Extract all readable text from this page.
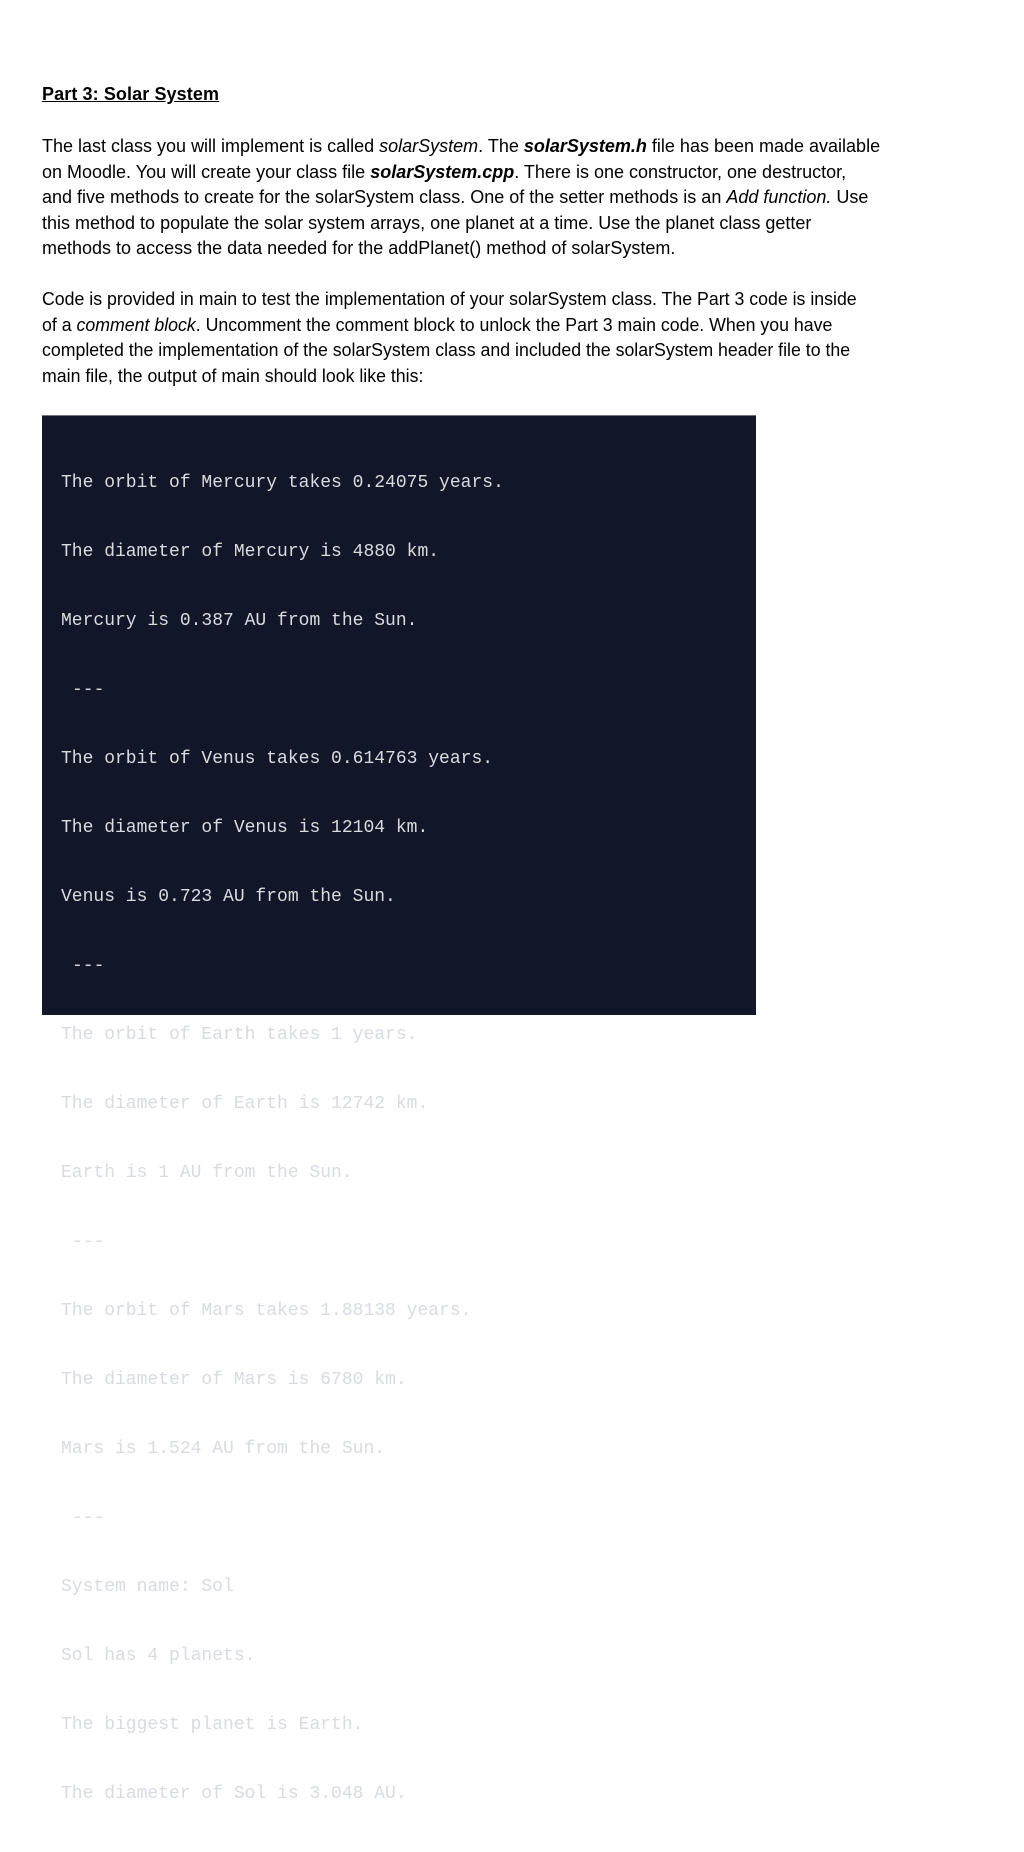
Part 3: Solar System
The last class you will implement is called solarSystem. The solarSystem.h file has been made available
on Moodle. You will create your class file solarSystem.cpp. There is one constructor, one destructor,
and five methods to create for the solarSystem class. One of the setter methods is an Add function. Use
this method to populate the solar system arrays, one planet at a time. Use the planet class getter
methods to access the data needed for the addPlanet() method of solarSystem.
Code is provided in main to test the implementation of your solarSystem class. The Part 3 code is inside
of a comment block. Uncomment the comment block to unlock the Part 3 main code. When you have
completed the implementation of the solarSystem class and included the solarSystem header file to the
main file, the output of main should look like this:

The orbit of Mercury takes 0.24075 years.

The diameter of Mercury is 4880 km.

Mercury is 0.387 AU from the Sun.

---

The orbit of Venus takes 0.614763 years.

The diameter of Venus is 12104 km.

Venus is 0.723 AU from the Sun.

---

The orbit of Earth takes 1 years.

The diameter of Earth is 12742 km.

Earth is 1 AU from the Sun.

---

The orbit of Mars takes 1.88138 years.

The diameter of Mars is 6780 km.

Mars is 1.524 AU from the Sun.

---

System name: Sol

Sol has 4 planets.

The biggest planet is Earth.

The diameter of Sol is 3.048 AU.
